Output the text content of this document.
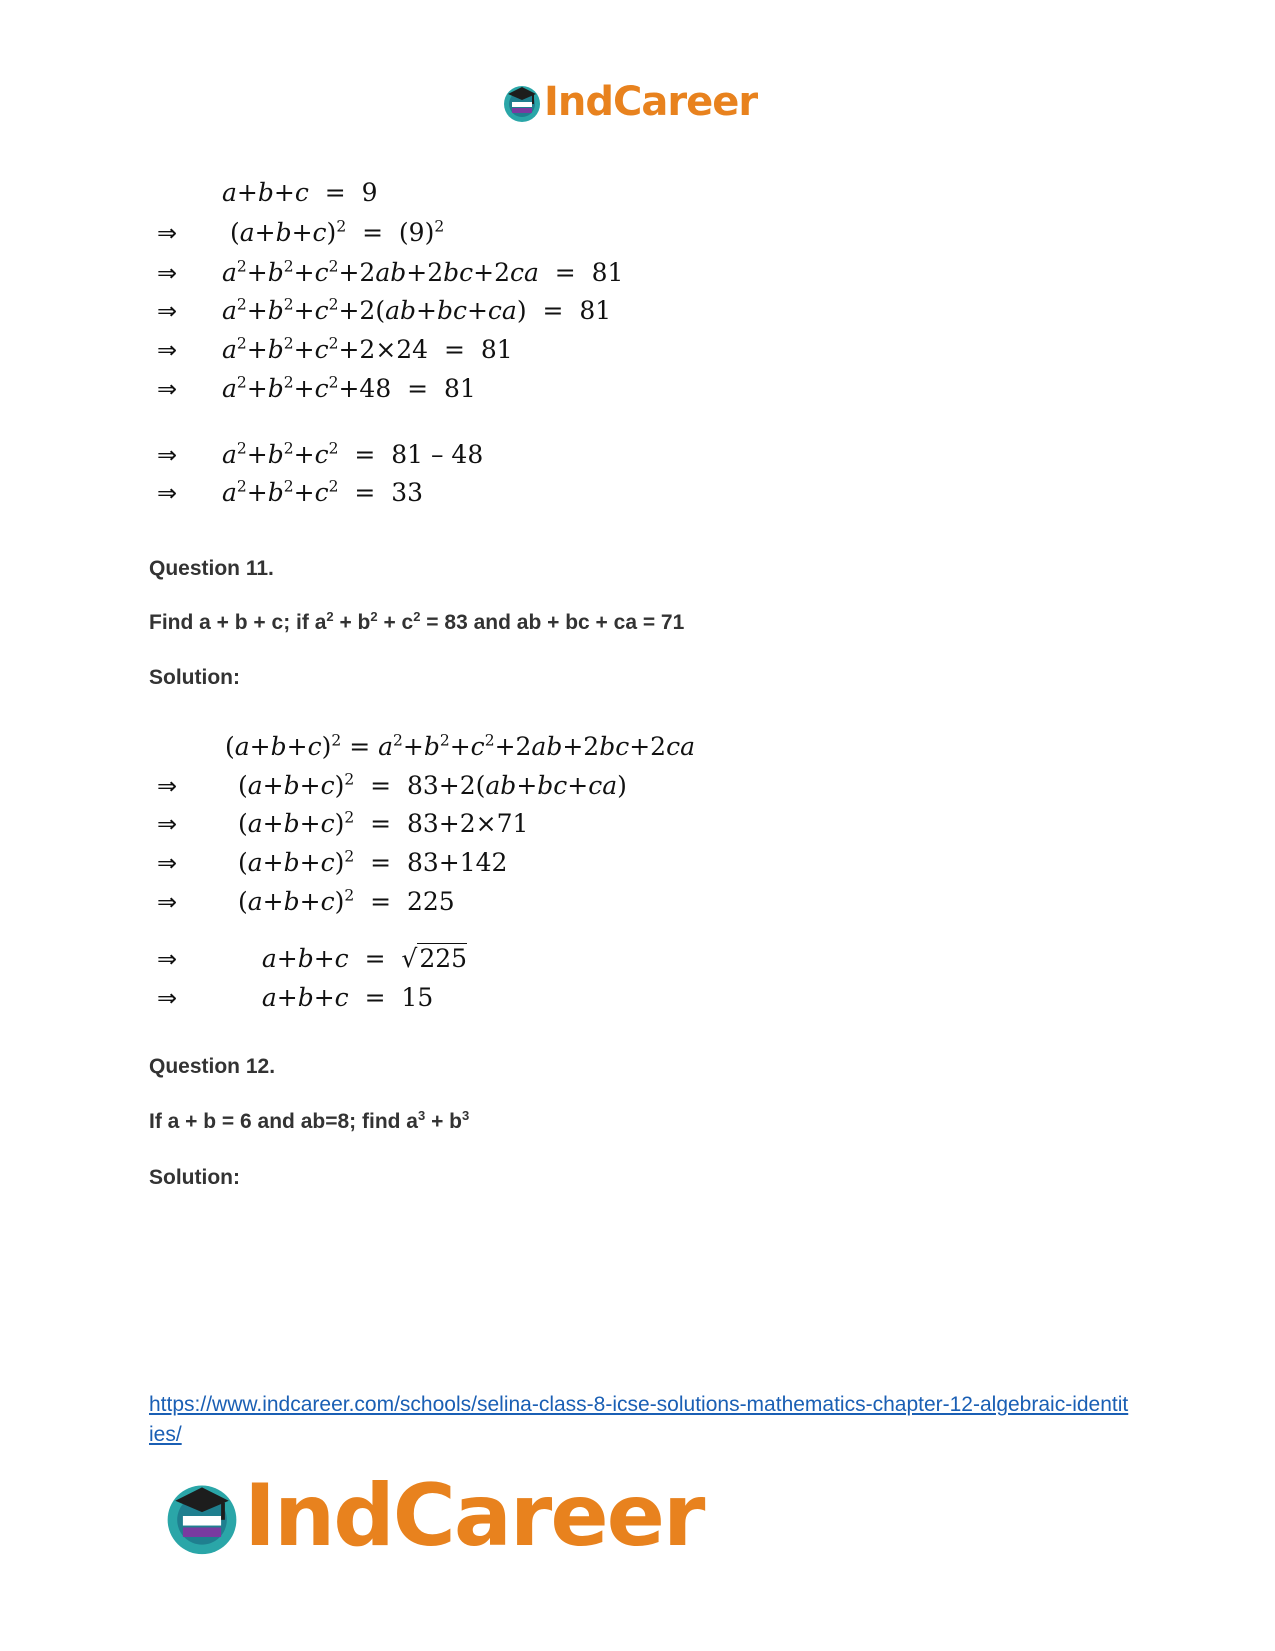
IndCareer
a+b+c  =  9
⇒ $(a+b+c)^2 = (9)^2$
⇒ $a^2+b^2+c^2+2ab+2bc+2ca = 81$
⇒ $a^2+b^2+c^2+2(ab+bc+ca) = 81$
⇒ $a^2+b^2+c^2+2\times 24 = 81$
⇒ $a^2+b^2+c^2+48 = 81$
⇒ $a^2+b^2+c^2 = 81 - 48$
⇒ $a^2+b^2+c^2 = 33$
Question 11.
Find a + b + c; if $a^2 + b^2 + c^2 = 83$ and ab + bc + ca = 71
Solution:
$(a+b+c)^2 = a^2+b^2+c^2+2ab+2bc+2ca$
⇒ $(a+b+c)^2 = 83+2(ab+bc+ca)$
⇒ $(a+b+c)^2 = 83+2\times 71$
⇒ $(a+b+c)^2 = 83+142$
⇒ $(a+b+c)^2 = 225$
⇒	a+b+c  =  √225
⇒	a+b+c  =  15
Question 12.
If a + b = 6 and ab=8; find $a^3 + b^3$
Solution:
https://www.indcareer.com/schools/selina-class-8-icse-solutions-mathematics-chapter-12-algebraic-identities/
IndCareer
